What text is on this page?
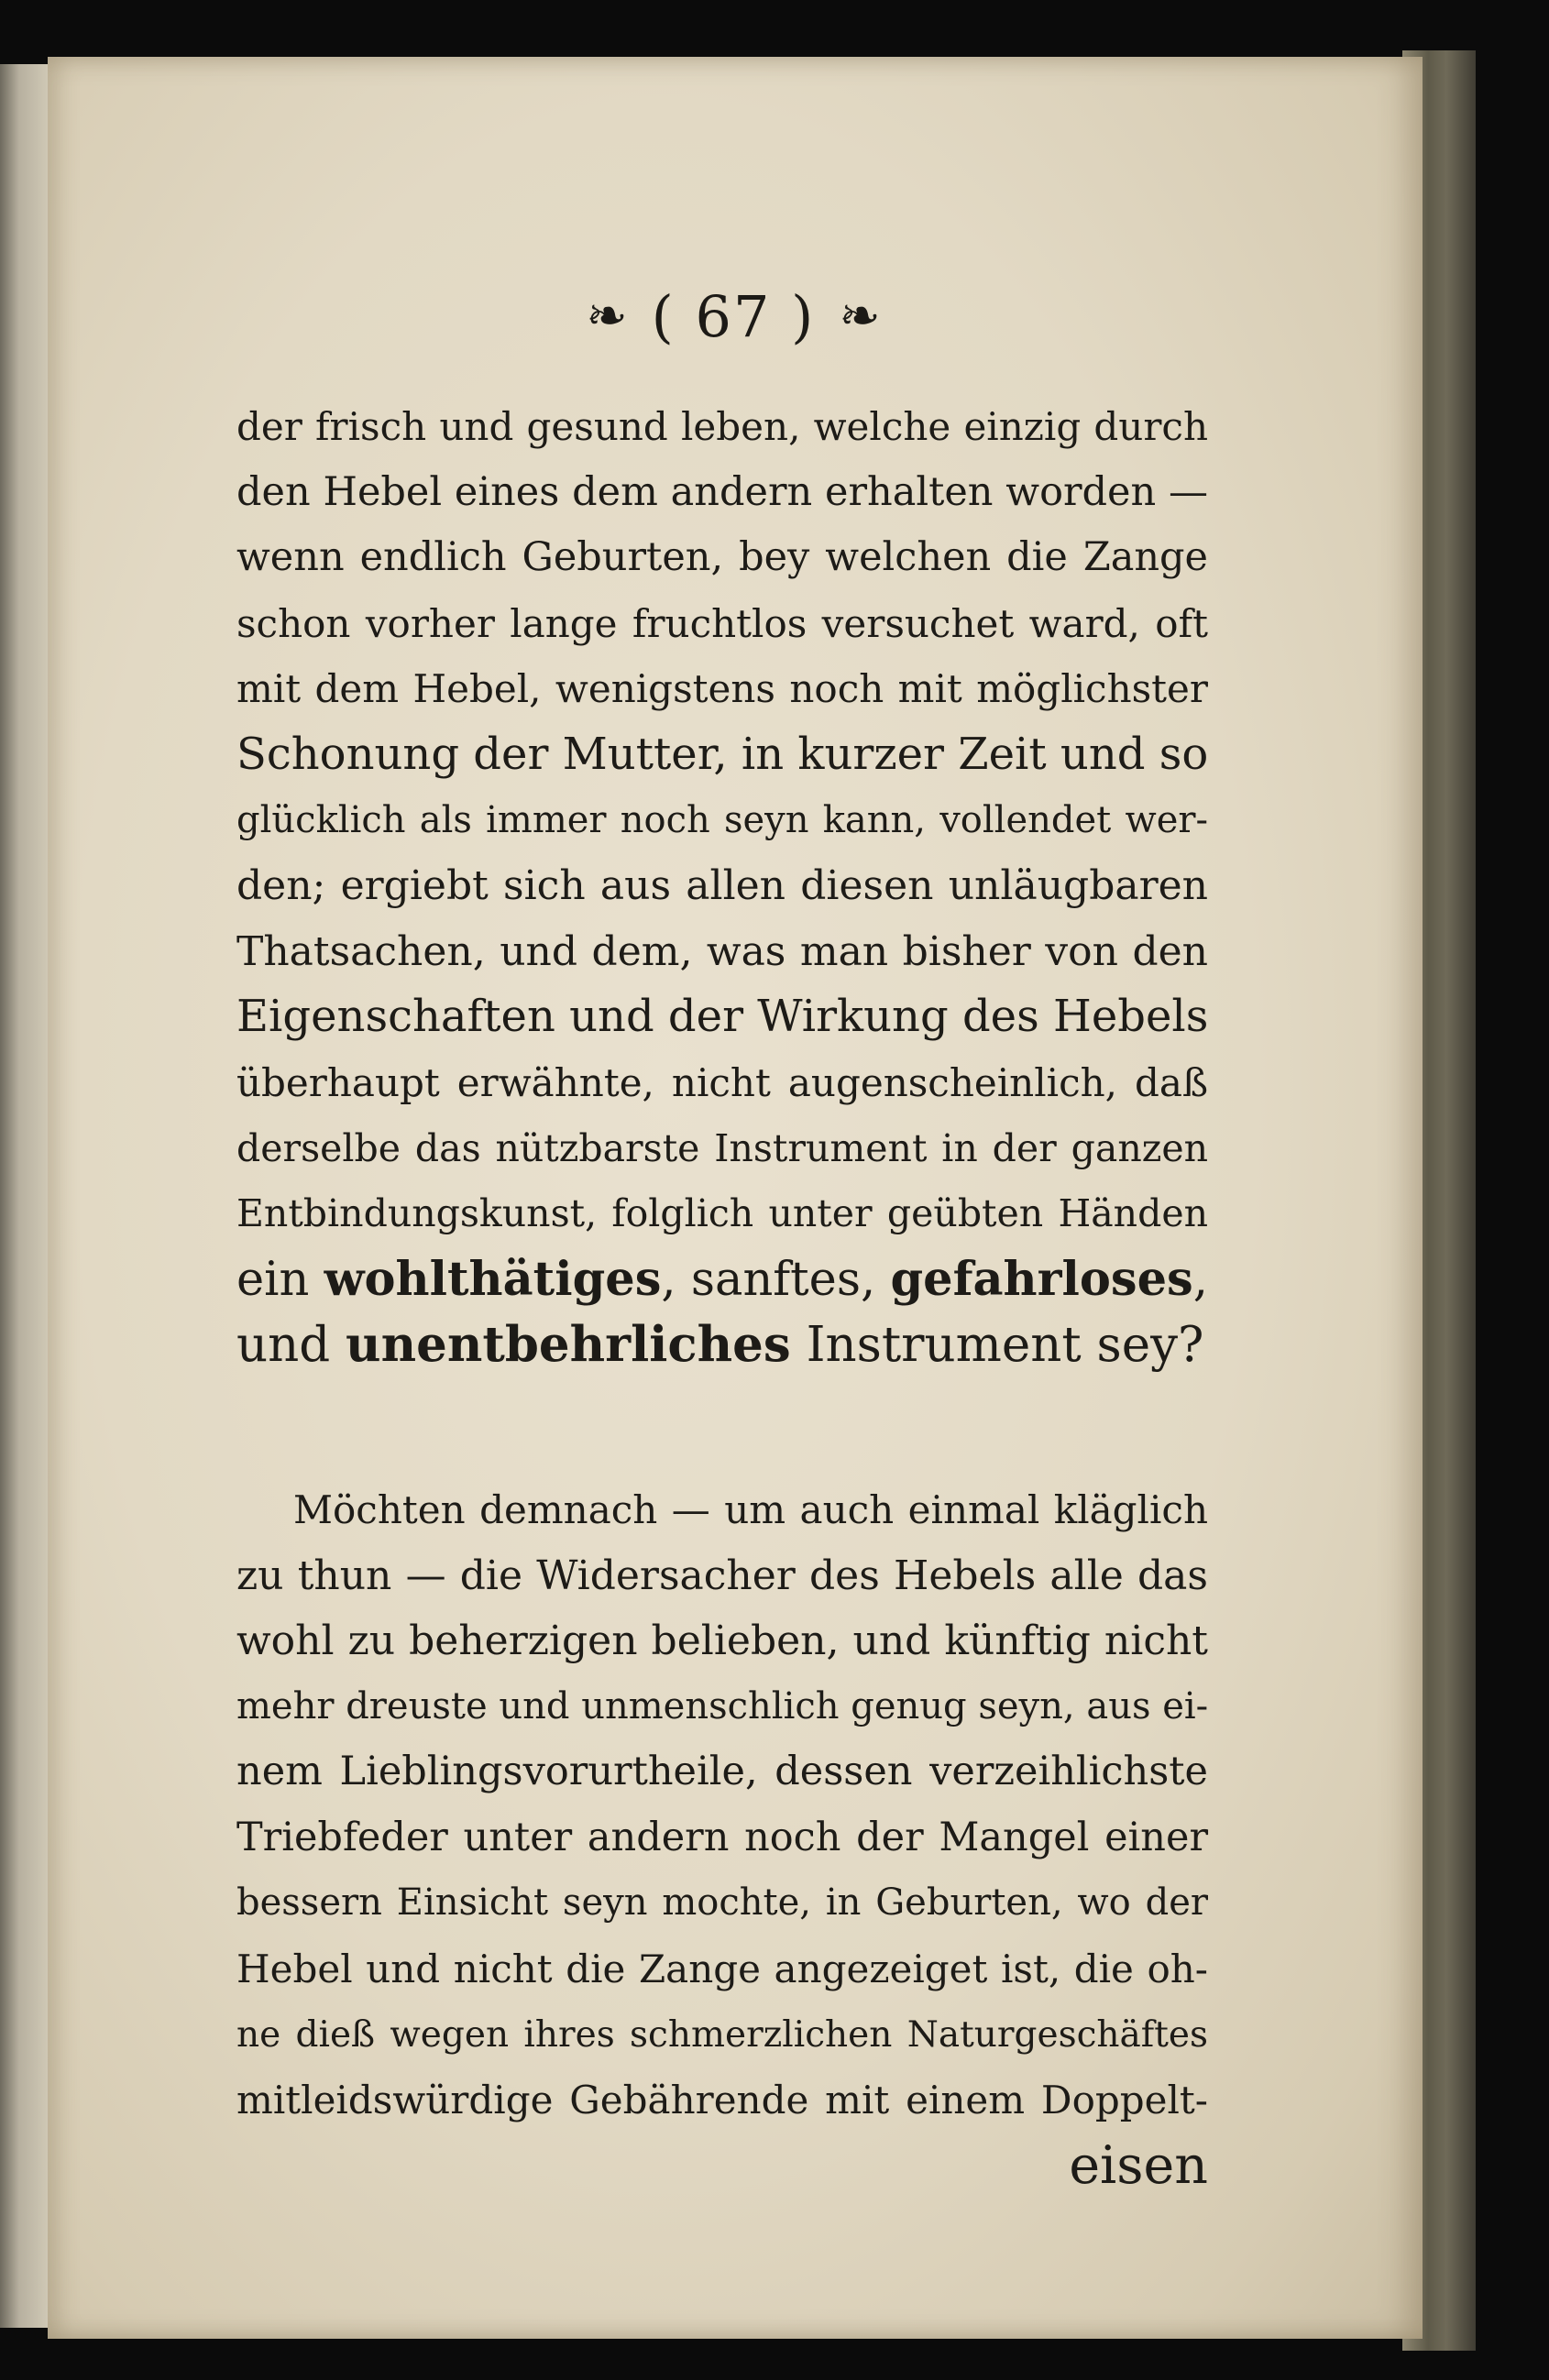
❧ ( 67 ) ❧
der frisch und gesund leben, welche einzig durch
den Hebel eines dem andern erhalten worden —
wenn endlich Geburten, bey welchen die Zange
schon vorher lange fruchtlos versuchet ward, oft
mit dem Hebel, wenigstens noch mit möglichster
Schonung der Mutter, in kurzer Zeit und so
glücklich als immer noch seyn kann, vollendet wer-
den; ergiebt sich aus allen diesen unläugbaren
Thatsachen, und dem, was man bisher von den
Eigenschaften und der Wirkung des Hebels
überhaupt erwähnte, nicht augenscheinlich, daß
derselbe das nützbarste Instrument in der ganzen
Entbindungskunst, folglich unter geübten Händen
ein wohlthätiges, sanftes, gefahrloses,
und unentbehrliches Instrument sey?
Möchten demnach — um auch einmal kläglich
zu thun — die Widersacher des Hebels alle das
wohl zu beherzigen belieben, und künftig nicht
mehr dreuste und unmenschlich genug seyn, aus ei-
nem Lieblingsvorurtheile, dessen verzeihlichste
Triebfeder unter andern noch der Mangel einer
bessern Einsicht seyn mochte, in Geburten, wo der
Hebel und nicht die Zange angezeiget ist, die oh-
ne dieß wegen ihres schmerzlichen Naturgeschäftes
mitleidswürdige Gebährende mit einem Doppelt-
eisen
